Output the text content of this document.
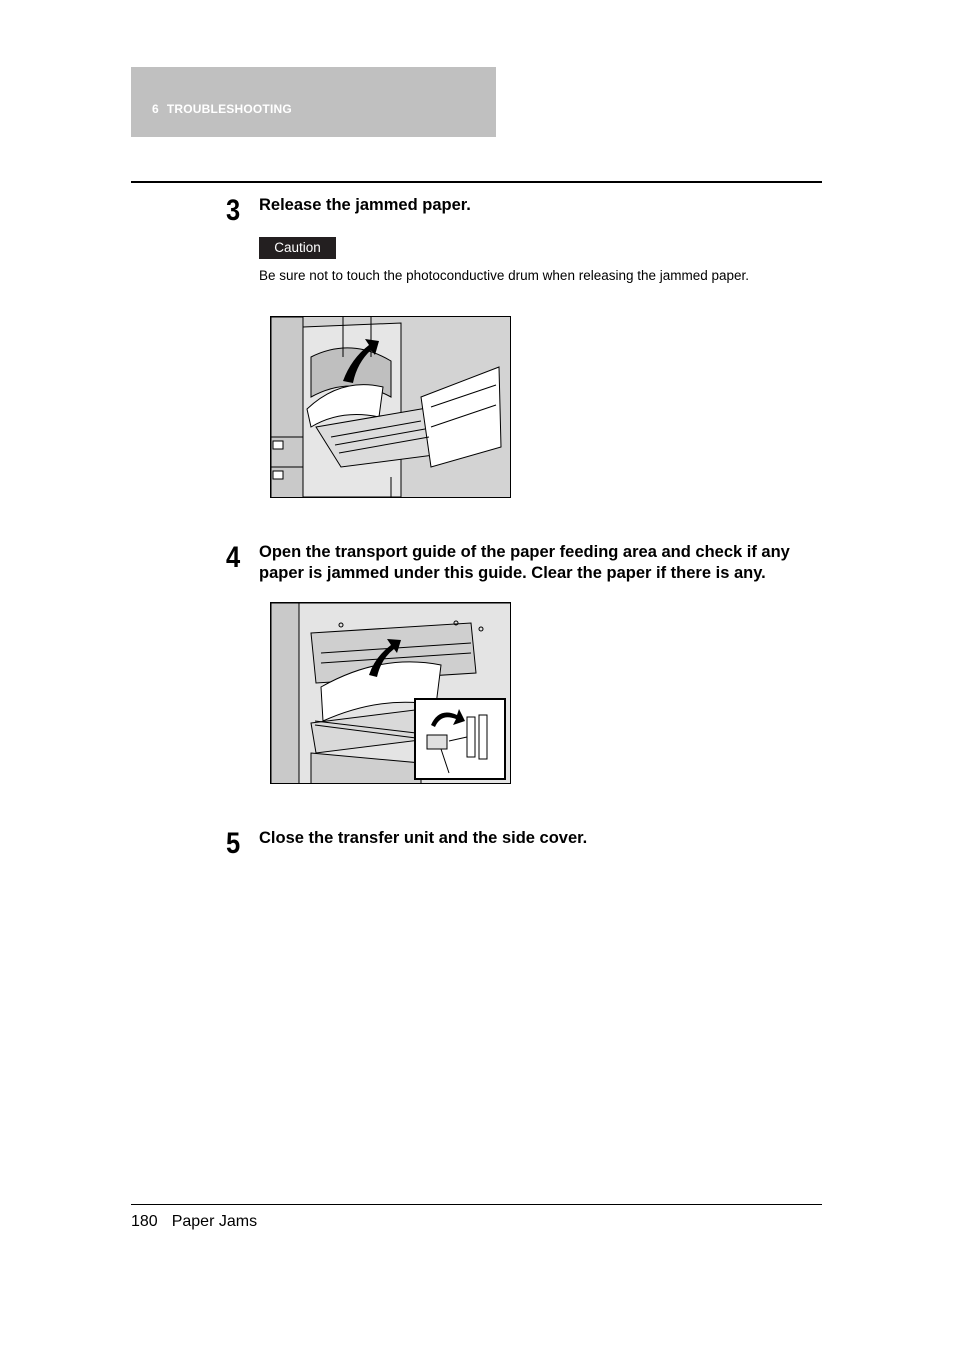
6 TROUBLESHOOTING
3	Release the jammed paper.
Caution
Be sure not to touch the photoconductive drum when releasing the jammed paper.
4	Open the transport guide of the paper feeding area and check if any paper is jammed under this guide. Clear the paper if there is any.
5	Close the transfer unit and the side cover.
180 Paper Jams
